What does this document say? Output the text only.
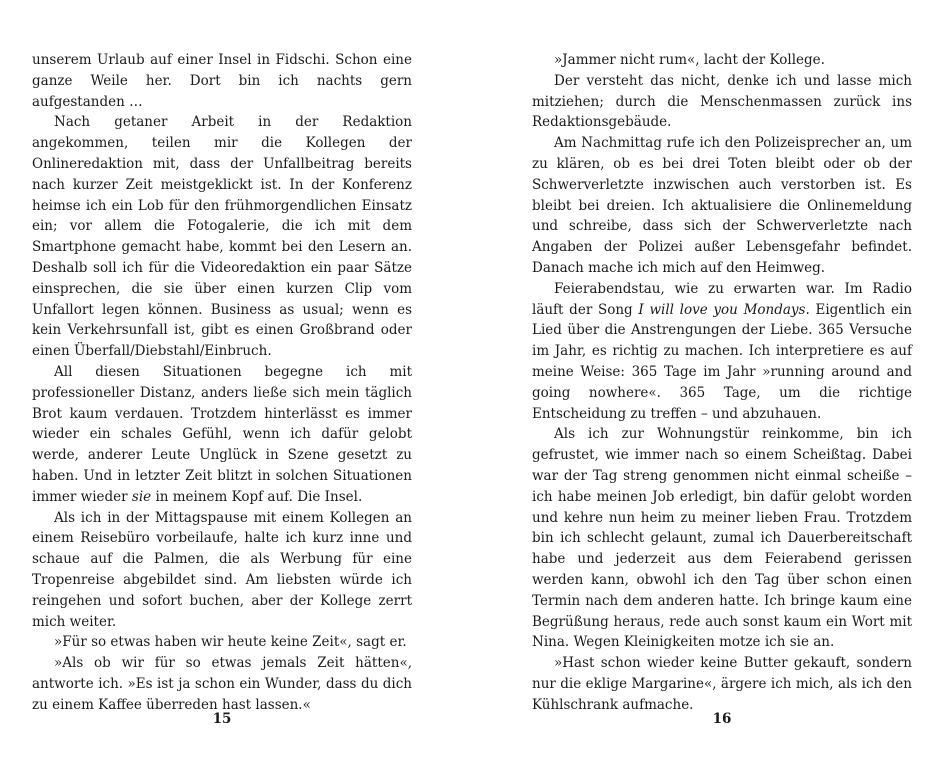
unserem Urlaub auf einer Insel in Fidschi. Schon eine ganze Weile her. Dort bin ich nachts gern aufgestanden …

Nach getaner Arbeit in der Redaktion angekommen, teilen mir die Kollegen der Onlineredaktion mit, dass der Unfallbeitrag bereits nach kurzer Zeit meistgeklickt ist. In der Konferenz heimse ich ein Lob für den frühmorgendlichen Einsatz ein; vor allem die Fotogalerie, die ich mit dem Smartphone gemacht habe, kommt bei den Lesern an. Deshalb soll ich für die Videoredaktion ein paar Sätze einsprechen, die sie über einen kurzen Clip vom Unfallort legen können. Business as usual; wenn es kein Verkehrsunfall ist, gibt es einen Großbrand oder einen Überfall/Diebstahl/Einbruch.

All diesen Situationen begegne ich mit professioneller Distanz, anders ließe sich mein täglich Brot kaum verdauen. Trotzdem hinterlässt es immer wieder ein schales Gefühl, wenn ich dafür gelobt werde, anderer Leute Unglück in Szene gesetzt zu haben. Und in letzter Zeit blitzt in solchen Situationen immer wieder sie in meinem Kopf auf. Die Insel.

Als ich in der Mittagspause mit einem Kollegen an einem Reisebüro vorbeilaufe, halte ich kurz inne und schaue auf die Palmen, die als Werbung für eine Tropenreise abgebildet sind. Am liebsten würde ich reingehen und sofort buchen, aber der Kollege zerrt mich weiter.

»Für so etwas haben wir heute keine Zeit«, sagt er.

»Als ob wir für so etwas jemals Zeit hätten«, antworte ich. »Es ist ja schon ein Wunder, dass du dich zu einem Kaffee überreden hast lassen.«

15

»Jammer nicht rum«, lacht der Kollege.

Der versteht das nicht, denke ich und lasse mich mitziehen; durch die Menschenmassen zurück ins Redaktionsgebäude.

Am Nachmittag rufe ich den Polizeisprecher an, um zu klären, ob es bei drei Toten bleibt oder ob der Schwerverletzte inzwischen auch verstorben ist. Es bleibt bei dreien. Ich aktualisiere die Onlinemeldung und schreibe, dass sich der Schwerverletzte nach Angaben der Polizei außer Lebensgefahr befindet. Danach mache ich mich auf den Heimweg.

Feierabendstau, wie zu erwarten war. Im Radio läuft der Song I will love you Mondays. Eigentlich ein Lied über die Anstrengungen der Liebe. 365 Versuche im Jahr, es richtig zu machen. Ich interpretiere es auf meine Weise: 365 Tage im Jahr »running around and going nowhere«. 365 Tage, um die richtige Entscheidung zu treffen – und abzuhauen.

Als ich zur Wohnungstür reinkomme, bin ich gefrustet, wie immer nach so einem Scheißtag. Dabei war der Tag streng genommen nicht einmal scheiße – ich habe meinen Job erledigt, bin dafür gelobt worden und kehre nun heim zu meiner lieben Frau. Trotzdem bin ich schlecht gelaunt, zumal ich Dauerbereitschaft habe und jederzeit aus dem Feierabend gerissen werden kann, obwohl ich den Tag über schon einen Termin nach dem anderen hatte. Ich bringe kaum eine Begrüßung heraus, rede auch sonst kaum ein Wort mit Nina. Wegen Kleinigkeiten motze ich sie an.

»Hast schon wieder keine Butter gekauft, sondern nur die eklige Margarine«, ärgere ich mich, als ich den Kühlschrank aufmache.

16
